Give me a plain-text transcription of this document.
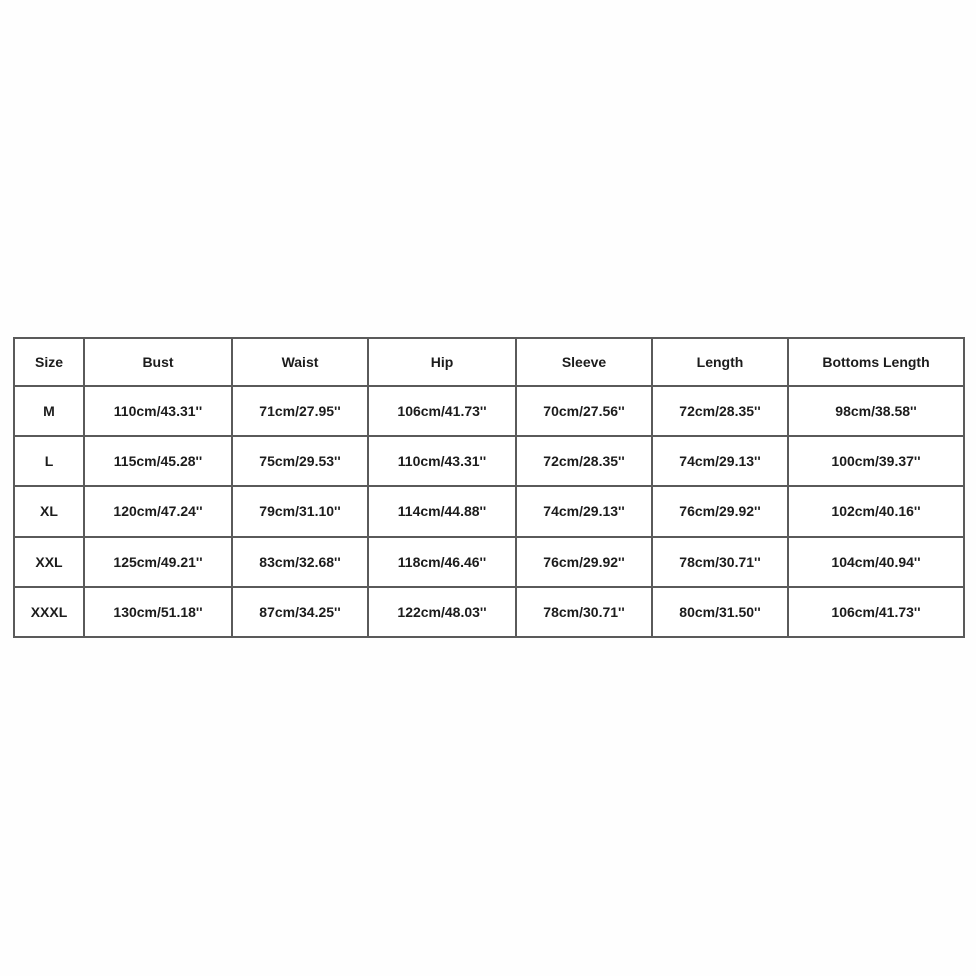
Size	Bust	Waist	Hip	Sleeve	Length	Bottoms Length
M	110cm/43.31''	71cm/27.95''	106cm/41.73''	70cm/27.56''	72cm/28.35''	98cm/38.58''
L	115cm/45.28''	75cm/29.53''	110cm/43.31''	72cm/28.35''	74cm/29.13''	100cm/39.37''
XL	120cm/47.24''	79cm/31.10''	114cm/44.88''	74cm/29.13''	76cm/29.92''	102cm/40.16''
XXL	125cm/49.21''	83cm/32.68''	118cm/46.46''	76cm/29.92''	78cm/30.71''	104cm/40.94''
XXXL	130cm/51.18''	87cm/34.25''	122cm/48.03''	78cm/30.71''	80cm/31.50''	106cm/41.73''
